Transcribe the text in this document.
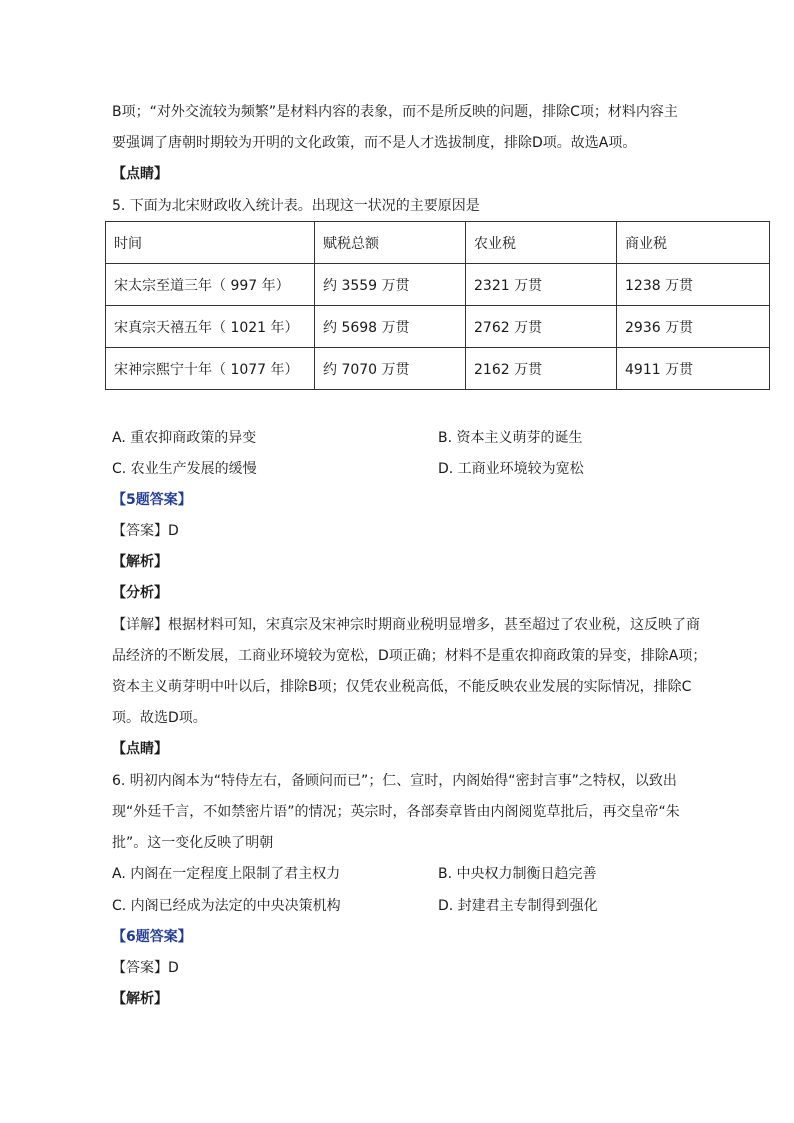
B项；“对外交流较为频繁”是材料内容的表象，而不是所反映的问题，排除C项；材料内容主
要强调了唐朝时期较为开明的文化政策，而不是人才选拔制度，排除D项。故选A项。
【点睛】
5. 下面为北宋财政收入统计表。出现这一状况的主要原因是
时间	赋税总额	农业税	商业税
宋太宗至道三年（ 997 年）	约 3559 万贯	2321 万贯	1238 万贯
宋真宗天禧五年（ 1021 年）	约 5698 万贯	2762 万贯	2936 万贯
宋神宗熙宁十年（ 1077 年）	约 7070 万贯	2162 万贯	4911 万贯
A. 重农抑商政策的异变	B. 资本主义萌芽的诞生
C. 农业生产发展的缓慢	D. 工商业环境较为宽松
【5题答案】
【答案】D
【解析】
【分析】
【详解】根据材料可知，宋真宗及宋神宗时期商业税明显增多，甚至超过了农业税，这反映了商
品经济的不断发展，工商业环境较为宽松，D项正确；材料不是重农抑商政策的异变，排除A项；
资本主义萌芽明中叶以后，排除B项；仅凭农业税高低，不能反映农业发展的实际情况，排除C
项。故选D项。
【点睛】
6. 明初内阁本为“特侍左右，备顾问而已”；仁、宣时，内阁始得“密封言事”之特权，以致出
现“外廷千言，不如禁密片语”的情况；英宗时，各部奏章皆由内阁阅览草批后，再交皇帝“朱
批”。这一变化反映了明朝
A. 内阁在一定程度上限制了君主权力	B. 中央权力制衡日趋完善
C. 内阁已经成为法定的中央决策机构	D. 封建君主专制得到强化
【6题答案】
【答案】D
【解析】
